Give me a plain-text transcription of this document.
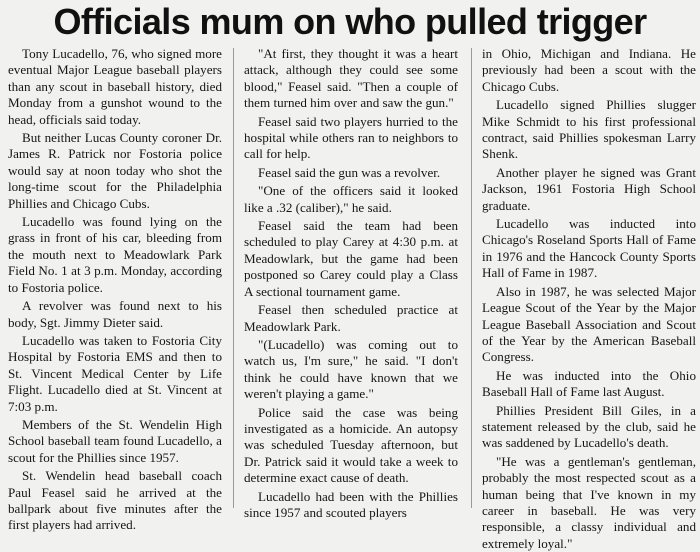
Officials mum on who pulled trigger

Tony Lucadello, 76, who signed more eventual Major League baseball players than any scout in baseball history, died Monday from a gunshot wound to the head, officials said today.

But neither Lucas County coroner Dr. James R. Patrick nor Fostoria police would say at noon today who shot the long-time scout for the Philadelphia Phillies and Chicago Cubs.

Lucadello was found lying on the grass in front of his car, bleeding from the mouth next to Meadowlark Park Field No. 1 at 3 p.m. Monday, according to Fostoria police.

A revolver was found next to his body, Sgt. Jimmy Dieter said.

Lucadello was taken to Fostoria City Hospital by Fostoria EMS and then to St. Vincent Medical Center by Life Flight. Lucadello died at St. Vincent at 7:03 p.m.

Members of the St. Wendelin High School baseball team found Lucadello, a scout for the Phillies since 1957.

St. Wendelin head baseball coach Paul Feasel said he arrived at the ballpark about five minutes after the first players had arrived.

"At first, they thought it was a heart attack, although they could see some blood," Feasel said. "Then a couple of them turned him over and saw the gun."

Feasel said two players hurried to the hospital while others ran to neighbors to call for help.

Feasel said the gun was a revolver.

"One of the officers said it looked like a .32 (caliber)," he said.

Feasel said the team had been scheduled to play Carey at 4:30 p.m. at Meadowlark, but the game had been postponed so Carey could play a Class A sectional tournament game.

Feasel then scheduled practice at Meadowlark Park.

"(Lucadello) was coming out to watch us, I'm sure," he said. "I don't think he could have known that we weren't playing a game."

Police said the case was being investigated as a homicide. An autopsy was scheduled Tuesday afternoon, but Dr. Patrick said it would take a week to determine exact cause of death.

Lucadello had been with the Phillies since 1957 and scouted players

in Ohio, Michigan and Indiana. He previously had been a scout with the Chicago Cubs.

Lucadello signed Phillies slugger Mike Schmidt to his first professional contract, said Phillies spokesman Larry Shenk.

Another player he signed was Grant Jackson, 1961 Fostoria High School graduate.

Lucadello was inducted into Chicago's Roseland Sports Hall of Fame in 1976 and the Hancock County Sports Hall of Fame in 1987.

Also in 1987, he was selected Major League Scout of the Year by the Major League Baseball Association and Scout of the Year by the American Baseball Congress.

He was inducted into the Ohio Baseball Hall of Fame last August.

Phillies President Bill Giles, in a statement released by the club, said he was saddened by Lucadello's death.

"He was a gentleman's gentleman, probably the most respected scout as a human being that I've known in my career in baseball. He was very responsible, a classy individual and extremely loyal."
